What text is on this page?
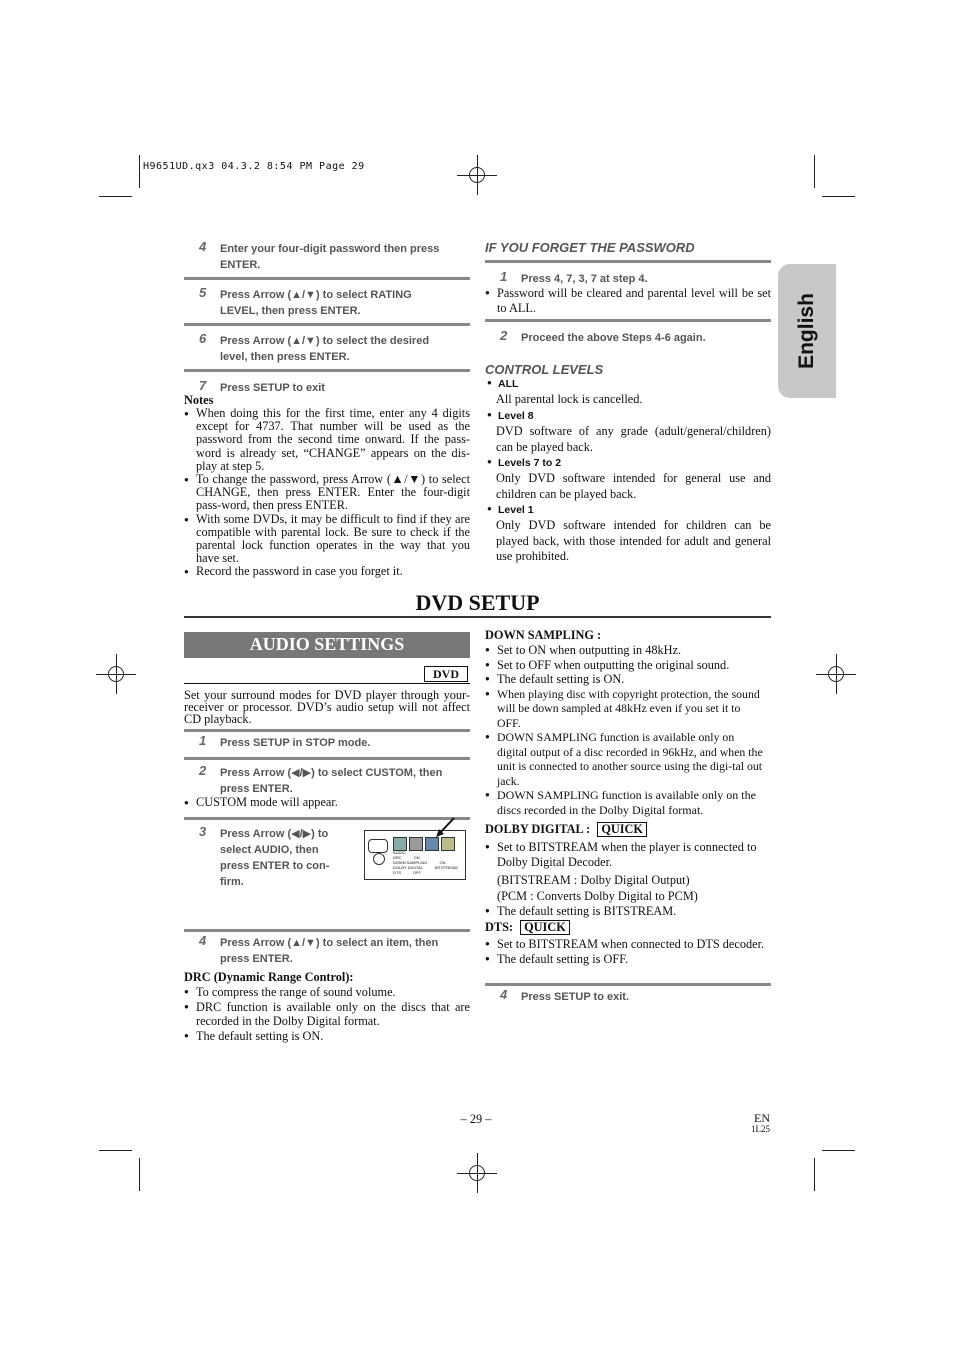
H9651UD.qx3 04.3.2 8:54 PM Page 29
English
4 Enter your four-digit password then press
ENTER.
5 Press Arrow (▲/▼) to select RATING
LEVEL, then press ENTER.
6 Press Arrow (▲/▼) to select the desired
level, then press ENTER.
7 Press SETUP to exit
Notes
● When doing this for the first time, enter any 4 digits except for 4737. That number will be used as the password from the second time onward. If the pass-word is already set, “CHANGE” appears on the dis-play at step 5.
● To change the password, press Arrow (▲/▼) to select CHANGE, then press ENTER. Enter the four-digit pass-word, then press ENTER.
● With some DVDs, it may be difficult to find if they are compatible with parental lock. Be sure to check if the parental lock function operates in the way that you have set.
● Record the password in case you forget it.
IF YOU FORGET THE PASSWORD
1 Press 4, 7, 3, 7 at step 4.
● Password will be cleared and parental level will be set to ALL.
2 Proceed the above Steps 4-6 again.
CONTROL LEVELS
● ALL
All parental lock is cancelled.
● Level 8
DVD software of any grade (adult/general/children) can be played back.
● Levels 7 to 2
Only DVD software intended for general use and children can be played back.
● Level 1
Only DVD software intended for children can be played back, with those intended for adult and general use prohibited.
DVD SETUP
AUDIO SETTINGS
DVD
Set your surround modes for DVD player through your-receiver or processor. DVD’s audio setup will not affect CD playback.
1 Press SETUP in STOP mode.
2 Press Arrow (◀/▶) to select CUSTOM, then
press ENTER.
● CUSTOM mode will appear.
3 Press Arrow (◀/▶) to
select AUDIO, then
press ENTER to con-
firm.
AUDIO
DRC	ON
DOWN SAMPLING	ON
DOLBY DIGITAL	BITSTREAM
DTS	OFF
4 Press Arrow (▲/▼) to select an item, then
press ENTER.
DRC (Dynamic Range Control):
● To compress the range of sound volume.
● DRC function is available only on the discs that are recorded in the Dolby Digital format.
● The default setting is ON.
DOWN SAMPLING :
● Set to ON when outputting in 48kHz.
● Set to OFF when outputting the original sound.
● The default setting is ON.
● When playing disc with copyright protection, the sound will be down sampled at 48kHz even if you set it to OFF.
● DOWN SAMPLING function is available only on digital output of a disc recorded in 96kHz, and when the unit is connected to another source using the digi-tal out jack.
● DOWN SAMPLING function is available only on the discs recorded in the Dolby Digital format.
DOLBY DIGITAL : QUICK
● Set to BITSTREAM when the player is connected to Dolby Digital Decoder.
(BITSTREAM : Dolby Digital Output)
(PCM : Converts Dolby Digital to PCM)
● The default setting is BITSTREAM.
DTS: QUICK
● Set to BITSTREAM when connected to DTS decoder.
● The default setting is OFF.
4 Press SETUP to exit.
– 29 –	EN
1L25
